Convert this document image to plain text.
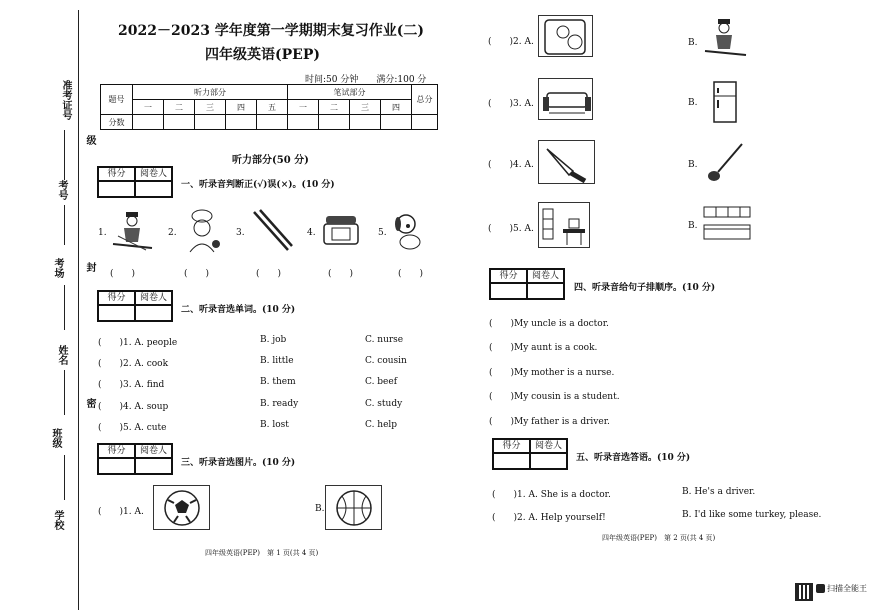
准考证号
级
考号
考场 封
姓名
密
班级
学校
2022－2023 学年度第一学期期末复习作业(二)
四年级英语(PEP)
时间:50 分钟　　满分:100 分
题号	听力部分					笔试部分				总分
	一	二	三	四	五	一	二	三	四	
分数										
听力部分(50 分)
得分	阅卷人
一、听录音判断正(√)误(×)。(10 分)
1.	2.	3.	4.	5.
(　　)	(　　)	(　　)	(　　)	(　　)
得分	阅卷人
二、听录音选单词。(10 分)
(　　)1. A. people	B. job	C. nurse
(　　)2. A. cook	B. little	C. cousin
(　　)3. A. find	B. them	C. beef
(　　)4. A. soup	B. ready	C. study
(　　)5. A. cute	B. lost	C. help
得分	阅卷人
三、听录音选图片。(10 分)
(　　)1. A.	B.
四年级英语(PEP)　第 1 页(共 4 页)
(　　)2. A.	B.
(　　)3. A.	B.
(　　)4. A.	B.
(　　)5. A.	B.
得分	阅卷人
四、听录音给句子排顺序。(10 分)
(　　)My uncle is a doctor.
(　　)My aunt is a cook.
(　　)My mother is a nurse.
(　　)My cousin is a student.
(　　)My father is a driver.
得分	阅卷人
五、听录音选答语。(10 分)
(　　)1. A. She is a doctor.	B. He's a driver.
(　　)2. A. Help yourself!	B. I'd like some turkey, please.
四年级英语(PEP)　第 2 页(共 4 页)
扫描全能王
